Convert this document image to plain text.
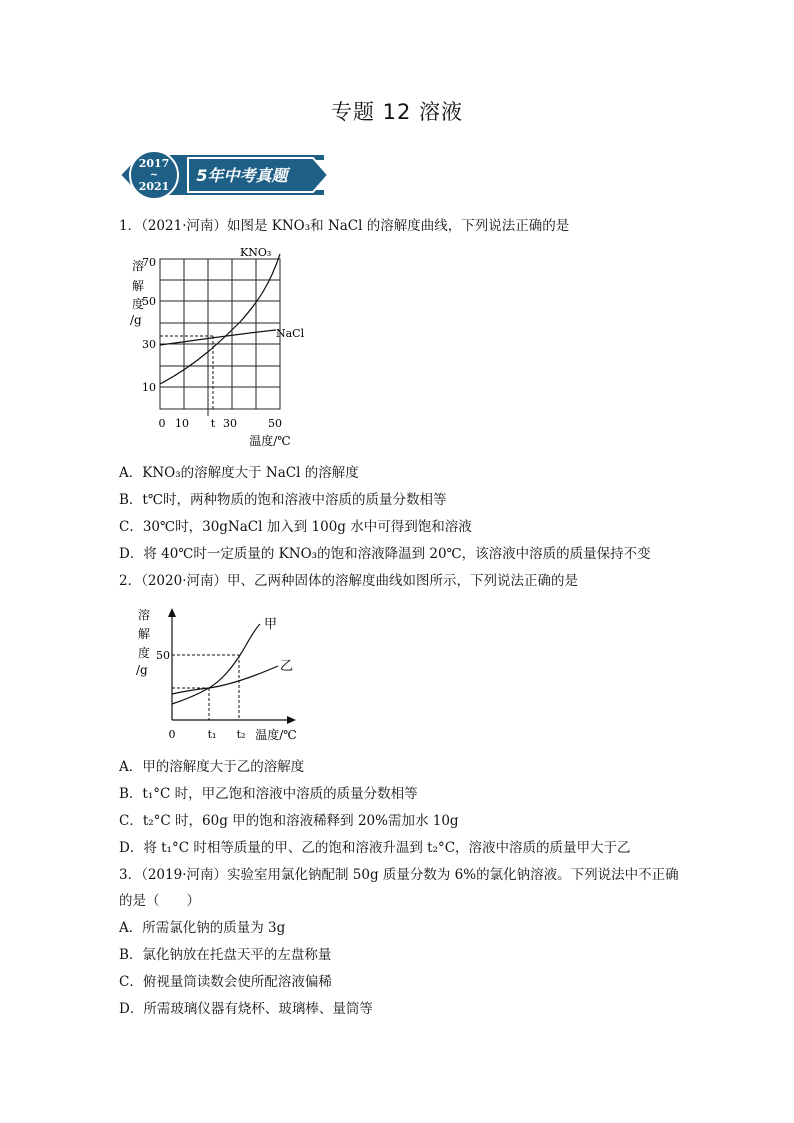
专题 12 溶液
2017
~
2021
5年中考真题
1．（2021·河南）如图是 KNO₃和 NaCl 的溶解度曲线，下列说法正确的是
溶
解
度
/g
70
50
30
10
0 10 t 30	50
温度/℃
KNO₃
NaCl
A．KNO₃的溶解度大于 NaCl 的溶解度
B．t℃时，两种物质的饱和溶液中溶质的质量分数相等
C．30℃时，30gNaCl 加入到 100g 水中可得到饱和溶液
D．将 40℃时一定质量的 KNO₃的饱和溶液降温到 20℃，该溶液中溶质的质量保持不变
2．（2020·河南）甲、乙两种固体的溶解度曲线如图所示，下列说法正确的是
溶
解
度
/g
50
0	t₁ t₂ 温度/℃
甲
乙
A．甲的溶解度大于乙的溶解度
B．t₁°C 时，甲乙饱和溶液中溶质的质量分数相等
C．t₂°C 时，60g 甲的饱和溶液稀释到 20%需加水 10g
D．将 t₁°C 时相等质量的甲、乙的饱和溶液升温到 t₂°C，溶液中溶质的质量甲大于乙
3．（2019·河南）实验室用氯化钠配制 50g 质量分数为 6%的氯化钠溶液。下列说法中不正确
的是（　　）
A．所需氯化钠的质量为 3g
B．氯化钠放在托盘天平的左盘称量
C．俯视量筒读数会使所配溶液偏稀
D．所需玻璃仪器有烧杯、玻璃棒、量筒等
